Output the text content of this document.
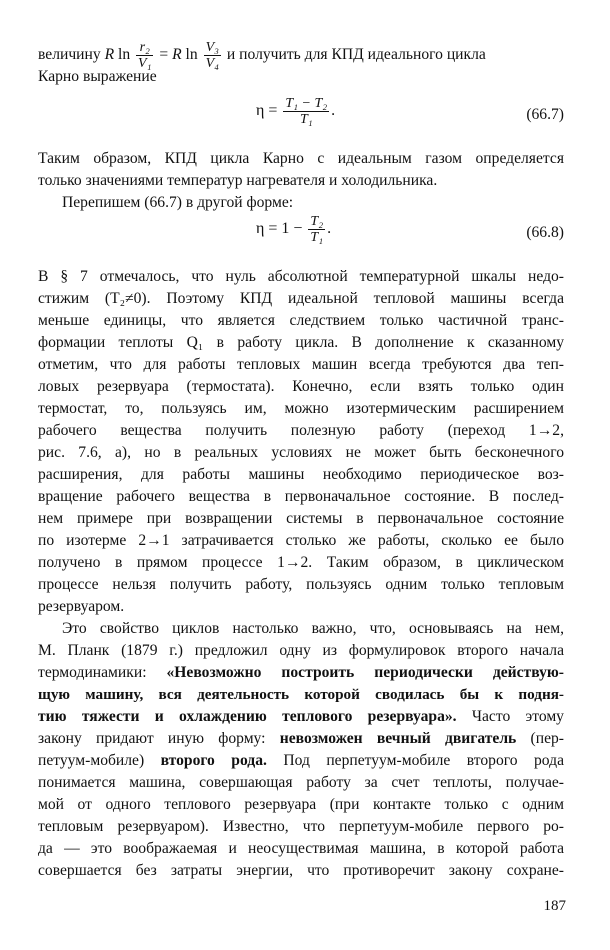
величину R $\ln \frac{\text{r₂}}{\text{V₁}} = R$ $\ln \frac{\text{V₃}}{\text{V₄}}$ и получить для КПД идеального цикла
Карно выражение
$\eta = \frac{\text{T₁ − T₂}}{\text{T₁}}$ .	(66.7)
Таким образом, КПД цикла Карно с идеальным газом определяется
только значениями температур нагревателя и холодильника.
Перепишем (66.7) в другой форме:
$\eta = 1 - \frac{\text{T₂}}{\text{T₁}}$ .	(66.8)
В § 7 отмечалось, что нуль абсолютной температурной шкалы недо-
стижим (T₂≠0). Поэтому КПД идеальной тепловой машины всегда
меньше единицы, что является следствием только частичной транс-
формации теплоты Q₁ в работу цикла. В дополнение к сказанному
отметим, что для работы тепловых машин всегда требуются два теп-
ловых резервуара (термостата). Конечно, если взять только один
термостат, то, пользуясь им, можно изотермическим расширением
рабочего вещества получить полезную работу (переход 1→2,
рис. 7.6, а), но в реальных условиях не может быть бесконечного
расширения, для работы машины необходимо периодическое воз-
вращение рабочего вещества в первоначальное состояние. В послед-
нем примере при возвращении системы в первоначальное состояние
по изотерме 2→1 затрачивается столько же работы, сколько ее было
получено в прямом процессе 1→2. Таким образом, в циклическом
процессе нельзя получить работу, пользуясь одним только тепловым
резервуаром.
Это свойство циклов настолько важно, что, основываясь на нем,
М. Планк (1879 г.) предложил одну из формулировок второго начала
термодинамики: «Невозможно построить периодически действую-
щую машину, вся деятельность которой сводилась бы к подня-
тию тяжести и охлаждению теплового резервуара». Часто этому
закону придают иную форму: невозможен вечный двигатель (пер-
петуум-мобиле) второго рода. Под перпетуум-мобиле второго рода
понимается машина, совершающая работу за счет теплоты, получае-
мой от одного теплового резервуара (при контакте только с одним
тепловым резервуаром). Известно, что перпетуум-мобиле первого ро-
да — это воображаемая и неосуществимая машина, в которой работа
совершается без затраты энергии, что противоречит закону сохране-
ния энергии. Так вот, если бы возможно было построить тепловую
машину с одним тепловым резервуаром, то она по своей практиче-
ской значимости не уступала перпетуум-мобиле первого рода. Дейст-
вительно, такую машину, если бы она была осуществима, можно по-
ставить, например, на берегу океана и практически неисчерпаемо
получать работу за счет теплоты, аккумулированной огромной мас-
сой воды. Но действие такой машины, как и перпетуум-мобиле пер-
187
